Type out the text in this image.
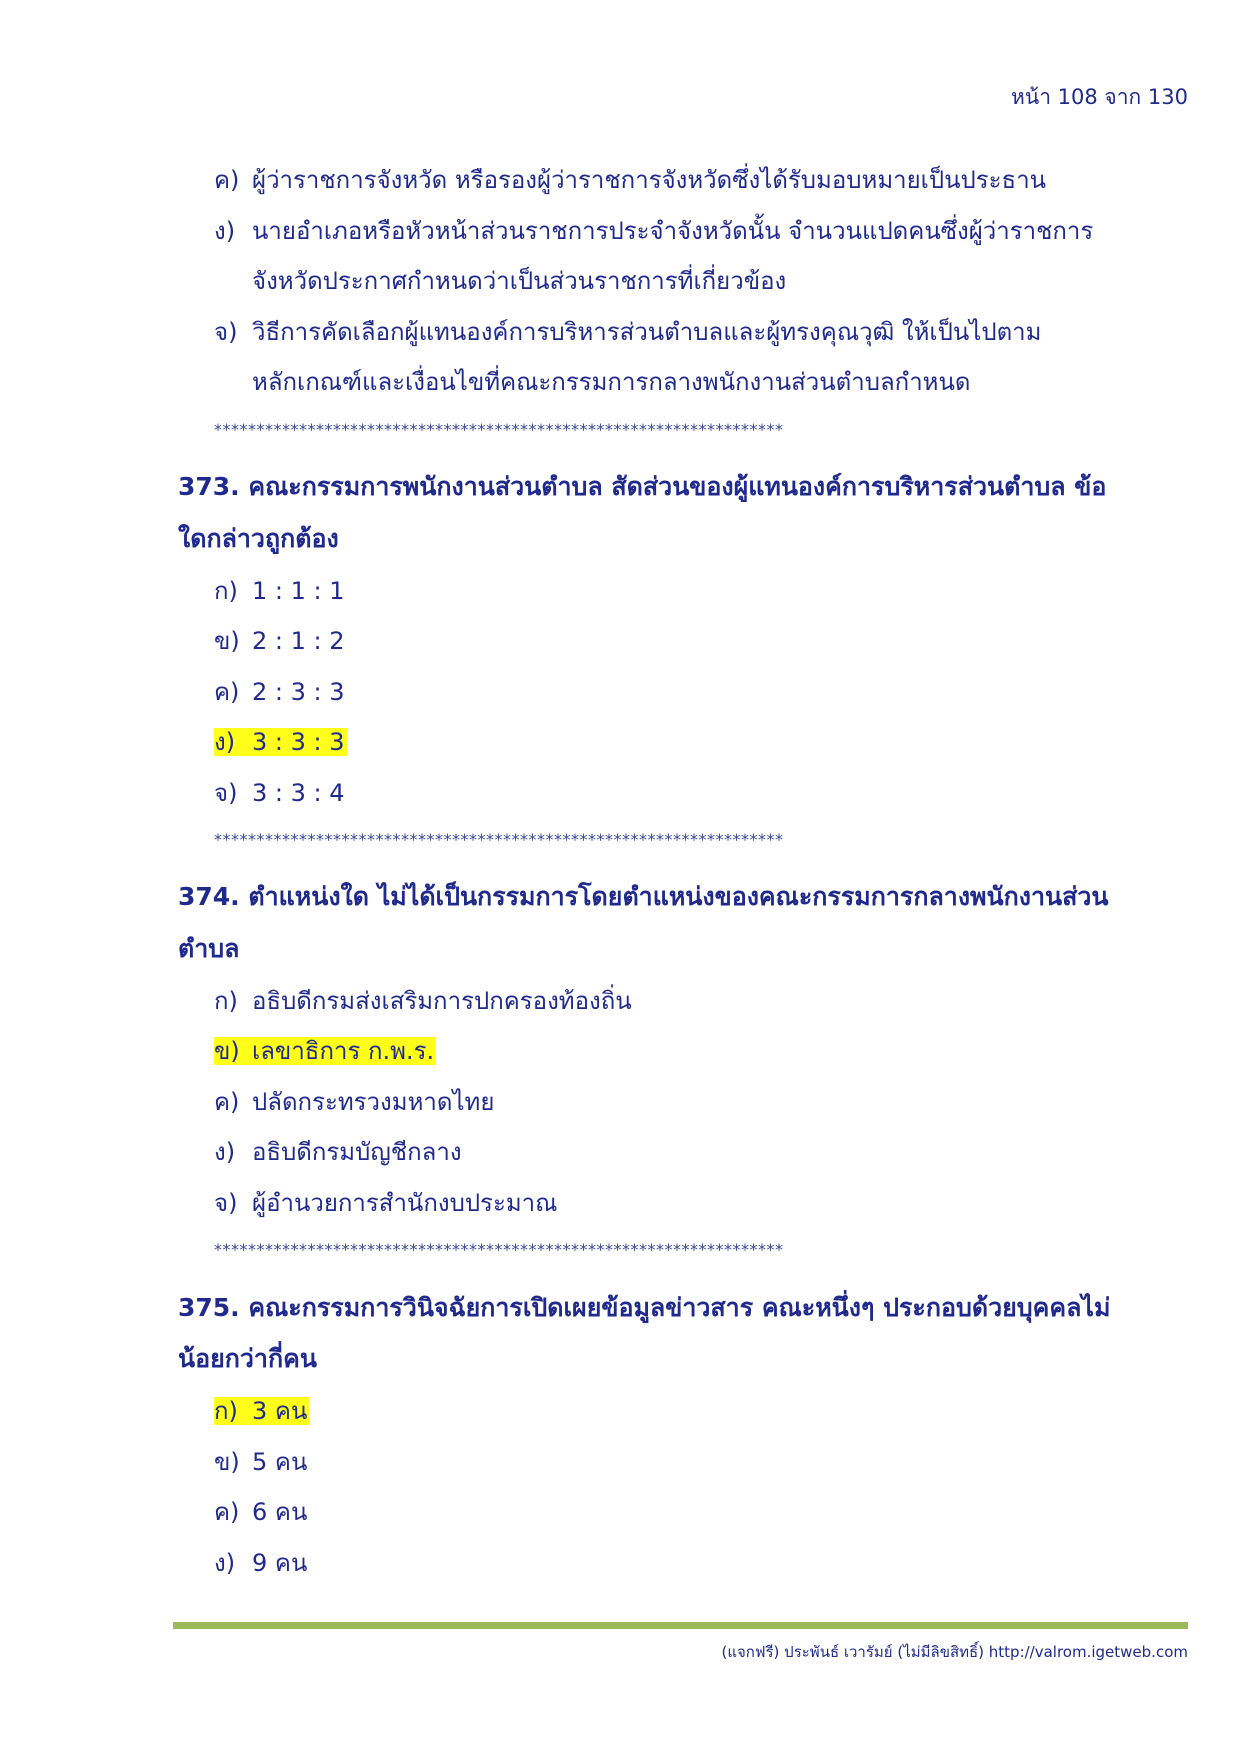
หน้า 108 จาก 130
ค) ผู้ว่าราชการจังหวัด หรือรองผู้ว่าราชการจังหวัดซึ่งได้รับมอบหมายเป็นประธาน
ง) นายอำเภอหรือหัวหน้าส่วนราชการประจำจังหวัดนั้น จำนวนแปดคนซึ่งผู้ว่าราชการ
จังหวัดประกาศกำหนดว่าเป็นส่วนราชการที่เกี่ยวข้อง
จ) วิธีการคัดเลือกผู้แทนองค์การบริหารส่วนตำบลและผู้ทรงคุณวุฒิ ให้เป็นไปตาม
หลักเกณฑ์และเงื่อนไขที่คณะกรรมการกลางพนักงานส่วนตำบลกำหนด
*******************************************************************
373. คณะกรรมการพนักงานส่วนตำบล สัดส่วนของผู้แทนองค์การบริหารส่วนตำบล ข้อ
ใดกล่าวถูกต้อง
ก) 1 : 1 : 1
ข) 2 : 1 : 2
ค) 2 : 3 : 3
ง) 3 : 3 : 3
จ) 3 : 3 : 4
*******************************************************************
374. ตำแหน่งใด ไม่ได้เป็นกรรมการโดยตำแหน่งของคณะกรรมการกลางพนักงานส่วน
ตำบล
ก) อธิบดีกรมส่งเสริมการปกครองท้องถิ่น
ข) เลขาธิการ ก.พ.ร.
ค) ปลัดกระทรวงมหาดไทย
ง) อธิบดีกรมบัญชีกลาง
จ) ผู้อำนวยการสำนักงบประมาณ
*******************************************************************
375. คณะกรรมการวินิจฉัยการเปิดเผยข้อมูลข่าวสาร คณะหนึ่งๆ ประกอบด้วยบุคคลไม่
น้อยกว่ากี่คน
ก) 3 คน
ข) 5 คน
ค) 6 คน
ง) 9 คน
(แจกฟรี) ประพันธ์ เวารัมย์ (ไม่มีลิขสิทธิ์) http://valrom.igetweb.com
